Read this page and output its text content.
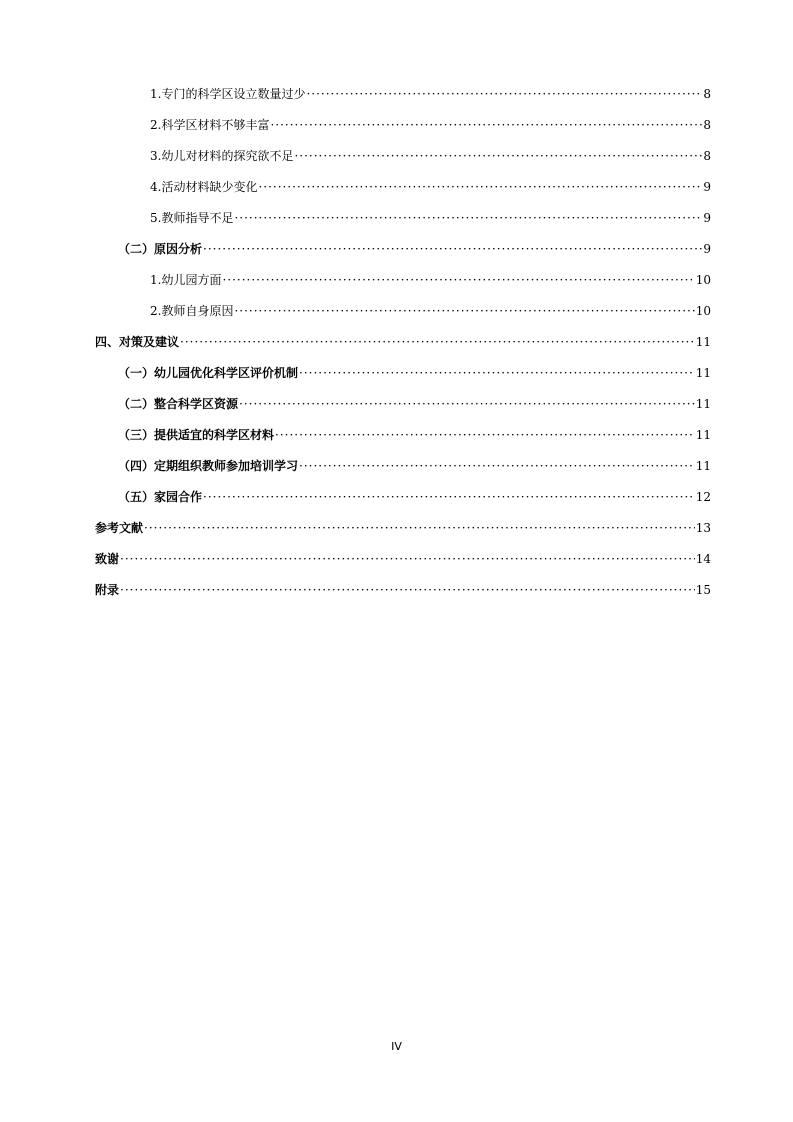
1.专门的科学区设立数量过少 ·····	8
2.科学区材料不够丰富 ·····	8
3.幼儿对材料的探究欲不足 ·····	8
4.活动材料缺少变化 ·····	9
5.教师指导不足 ·····	9
（二）原因分析 ·····	9
1.幼儿园方面 ·····	10
2.教师自身原因 ·····	10
四、对策及建议 ·····	11
（一）幼儿园优化科学区评价机制 ·····	11
（二）整合科学区资源 ·····	11
（三）提供适宜的科学区材料 ·····	11
（四）定期组织教师参加培训学习 ·····	11
（五）家园合作 ·····	12
参考文献 ·····	13
致谢 ·····	14
附录 ·····	15
IV
